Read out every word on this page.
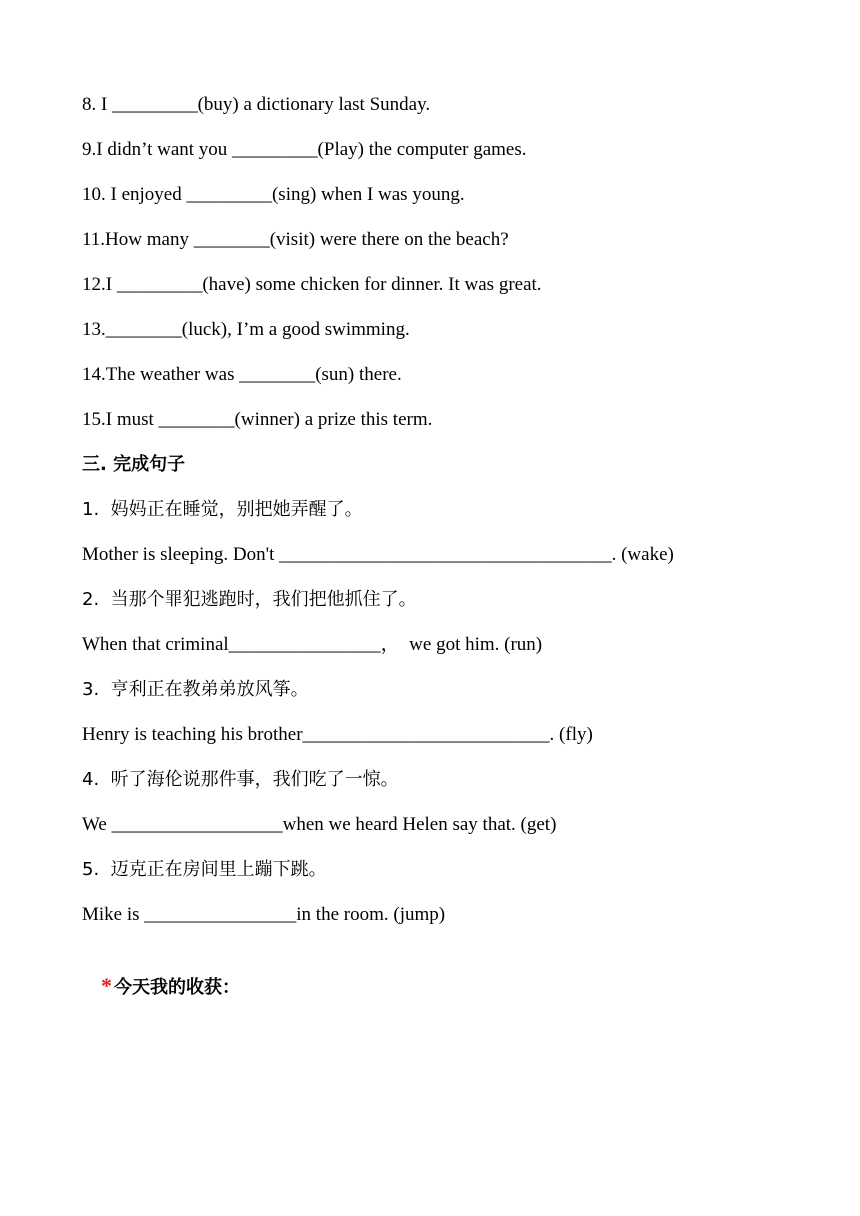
8. I _________(buy) a dictionary last Sunday.
9.I didn’t want you _________(Play) the computer games.
10. I enjoyed _________(sing) when I was young.
11.How many ________(visit) were there on the beach?
12.I _________(have) some chicken for dinner. It was great.
13.________(luck), I’m a good swimming.
14.The weather was ________(sun) there.
15.I must ________(winner) a prize this term.
三. 完成句子
1.  妈妈正在睡觉，别把她弄醒了。
Mother is sleeping. Don't ___________________________________. (wake)
2.  当那个罪犯逃跑时，我们把他抓住了。
When that criminal________________，  we got him. (run)
3.  亨利正在教弟弟放风筝。
Henry is teaching his brother__________________________. (fly)
4.  听了海伦说那件事，我们吃了一惊。
We __________________when we heard Helen say that. (get)
5.  迈克正在房间里上蹦下跳。
Mike is ________________in the room. (jump)

* 今天我的收获：
